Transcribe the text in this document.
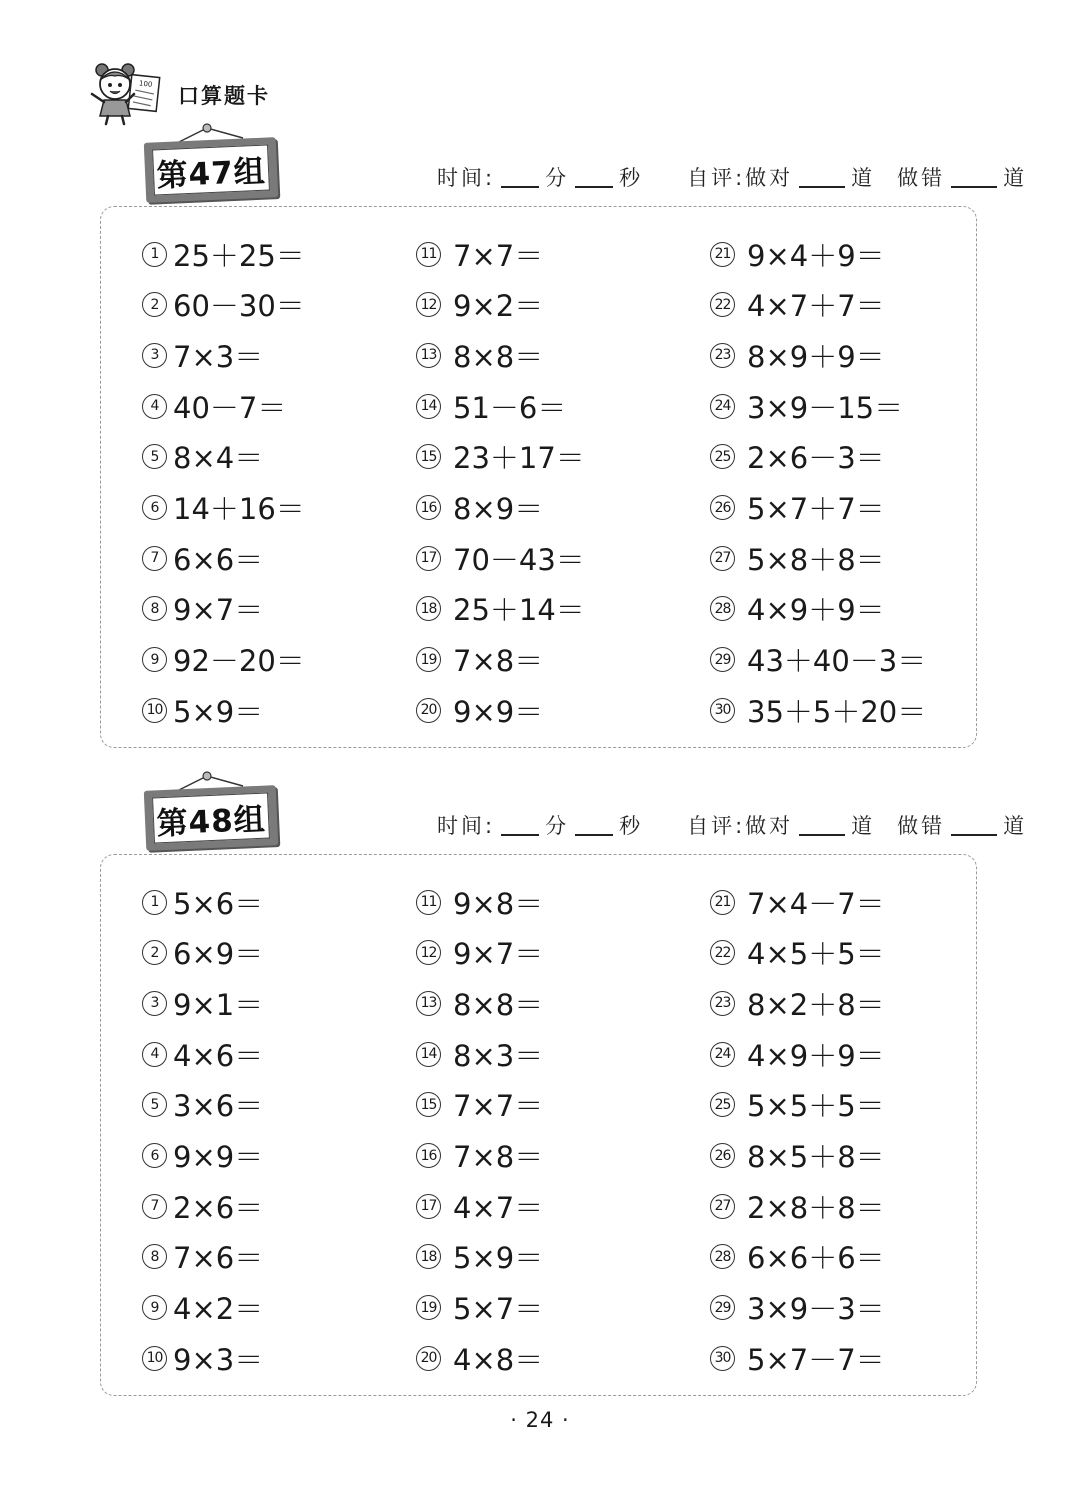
100 口算题卡
第47组	时间: 分 秒 自评:做对	道 做错	道
1 25＋25＝
2 60－30＝
3 7×3＝
4 40－7＝
5 8×4＝
6 14＋16＝
7 6×6＝
8 9×7＝
9 92－20＝
10 5×9＝
11 7×7＝
12 9×2＝
13 8×8＝
14 51－6＝
15 23＋17＝
16 8×9＝
17 70－43＝
18 25＋14＝
19 7×8＝
20 9×9＝
21 9×4＋9＝
22 4×7＋7＝
23 8×9＋9＝
24 3×9－15＝
25 2×6－3＝
26 5×7＋7＝
27 5×8＋8＝
28 4×9＋9＝
29 43＋40－3＝
30 35＋5＋20＝
第48组	时间: 分 秒 自评:做对	道 做错	道
1 5×6＝
2 6×9＝
3 9×1＝
4 4×6＝
5 3×6＝
6 9×9＝
7 2×6＝
8 7×6＝
9 4×2＝
10 9×3＝
11 9×8＝
12 9×7＝
13 8×8＝
14 8×3＝
15 7×7＝
16 7×8＝
17 4×7＝
18 5×9＝
19 5×7＝
20 4×8＝
21 7×4－7＝
22 4×5＋5＝
23 8×2＋8＝
24 4×9＋9＝
25 5×5＋5＝
26 8×5＋8＝
27 2×8＋8＝
28 6×6＋6＝
29 3×9－3＝
30 5×7－7＝
· 24 ·
